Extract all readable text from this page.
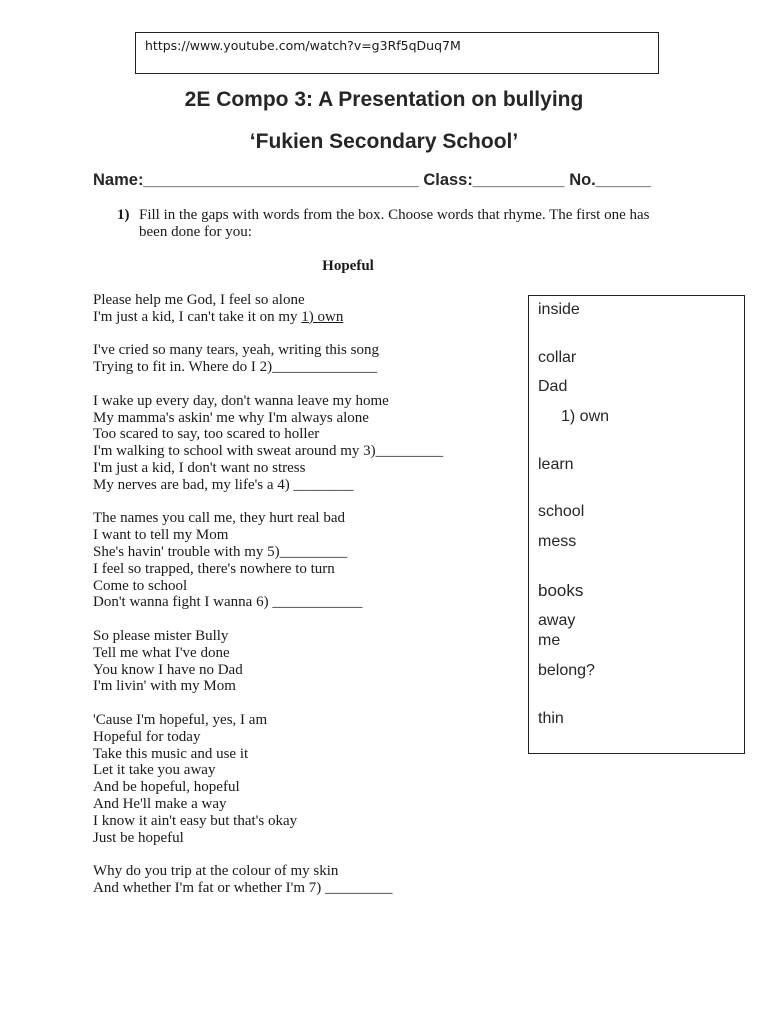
https://www.youtube.com/watch?v=g3Rf5qDuq7M
2E Compo 3: A Presentation on bullying
‘Fukien Secondary School’
Name:______________________________ Class:__________ No.______
1) Fill in the gaps with words from the box. Choose words that rhyme. The first one has been done for you:
Hopeful
Please help me God, I feel so alone
I'm just a kid, I can't take it on my 1) own
I've cried so many tears, yeah, writing this song
Trying to fit in. Where do I 2)______________
I wake up every day, don't wanna leave my home
My mamma's askin' me why I'm always alone
Too scared to say, too scared to holler
I'm walking to school with sweat around my 3)_________
I'm just a kid, I don't want no stress
My nerves are bad, my life's a 4) ________
The names you call me, they hurt real bad
I want to tell my Mom
She's havin' trouble with my 5)_________
I feel so trapped, there's nowhere to turn
Come to school
Don't wanna fight I wanna 6) ____________
So please mister Bully
Tell me what I've done
You know I have no Dad
I'm livin' with my Mom
'Cause I'm hopeful, yes, I am
Hopeful for today
Take this music and use it
Let it take you away
And be hopeful, hopeful
And He'll make a way
I know it ain't easy but that's okay
Just be hopeful
Why do you trip at the colour of my skin
And whether I'm fat or whether I'm 7) _________
inside
collar
Dad
1) own
learn
school
mess
books
away
me
belong?
thin
